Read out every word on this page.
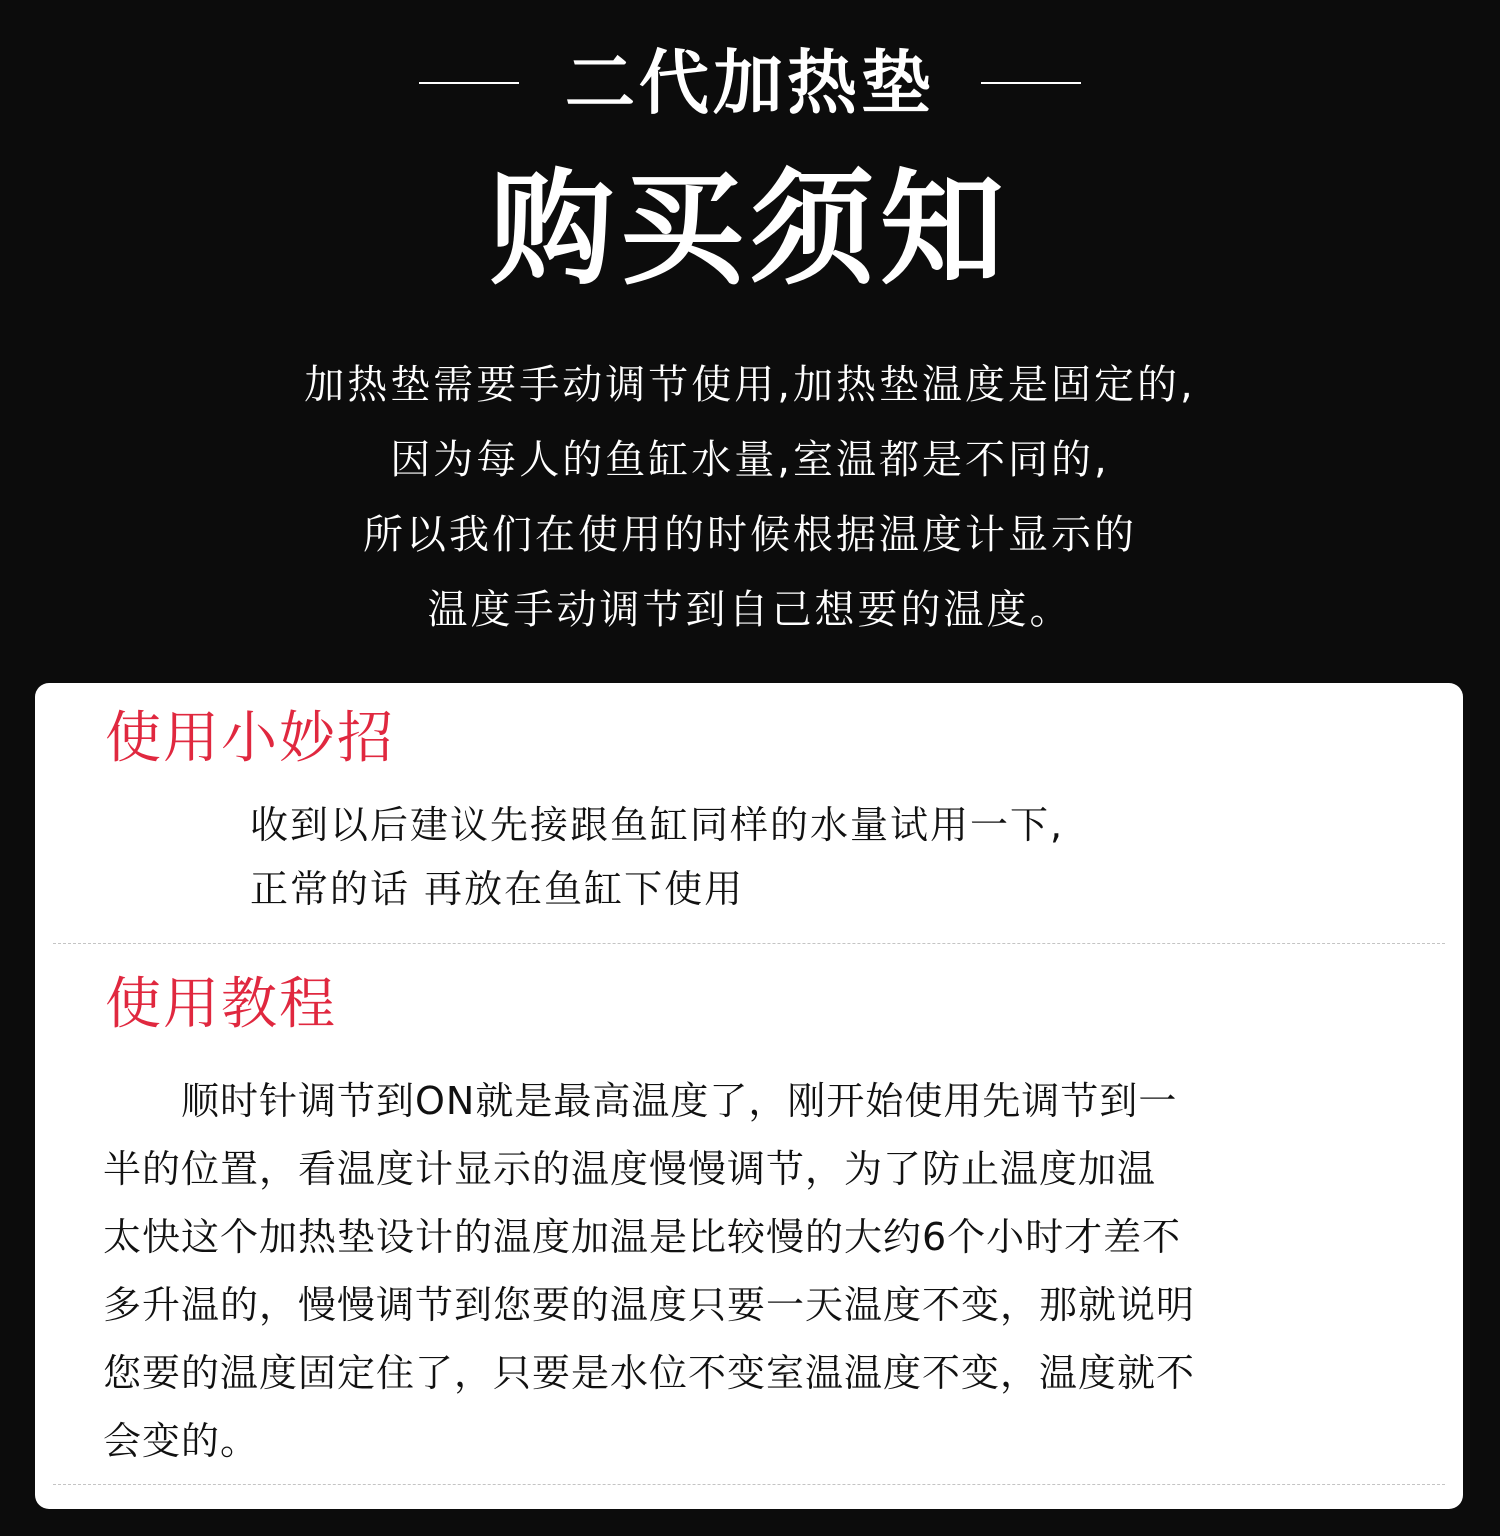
二代加热垫
购买须知
加热垫需要手动调节使用,加热垫温度是固定的,
因为每人的鱼缸水量,室温都是不同的,
所以我们在使用的时候根据温度计显示的
温度手动调节到自己想要的温度。
使用小妙招
收到以后建议先接跟鱼缸同样的水量试用一下,
正常的话 再放在鱼缸下使用
使用教程
顺时针调节到ON就是最高温度了，刚开始使用先调节到一
半的位置，看温度计显示的温度慢慢调节，为了防止温度加温
太快这个加热垫设计的温度加温是比较慢的大约6个小时才差不
多升温的，慢慢调节到您要的温度只要一天温度不变，那就说明
您要的温度固定住了，只要是水位不变室温温度不变，温度就不
会变的。
